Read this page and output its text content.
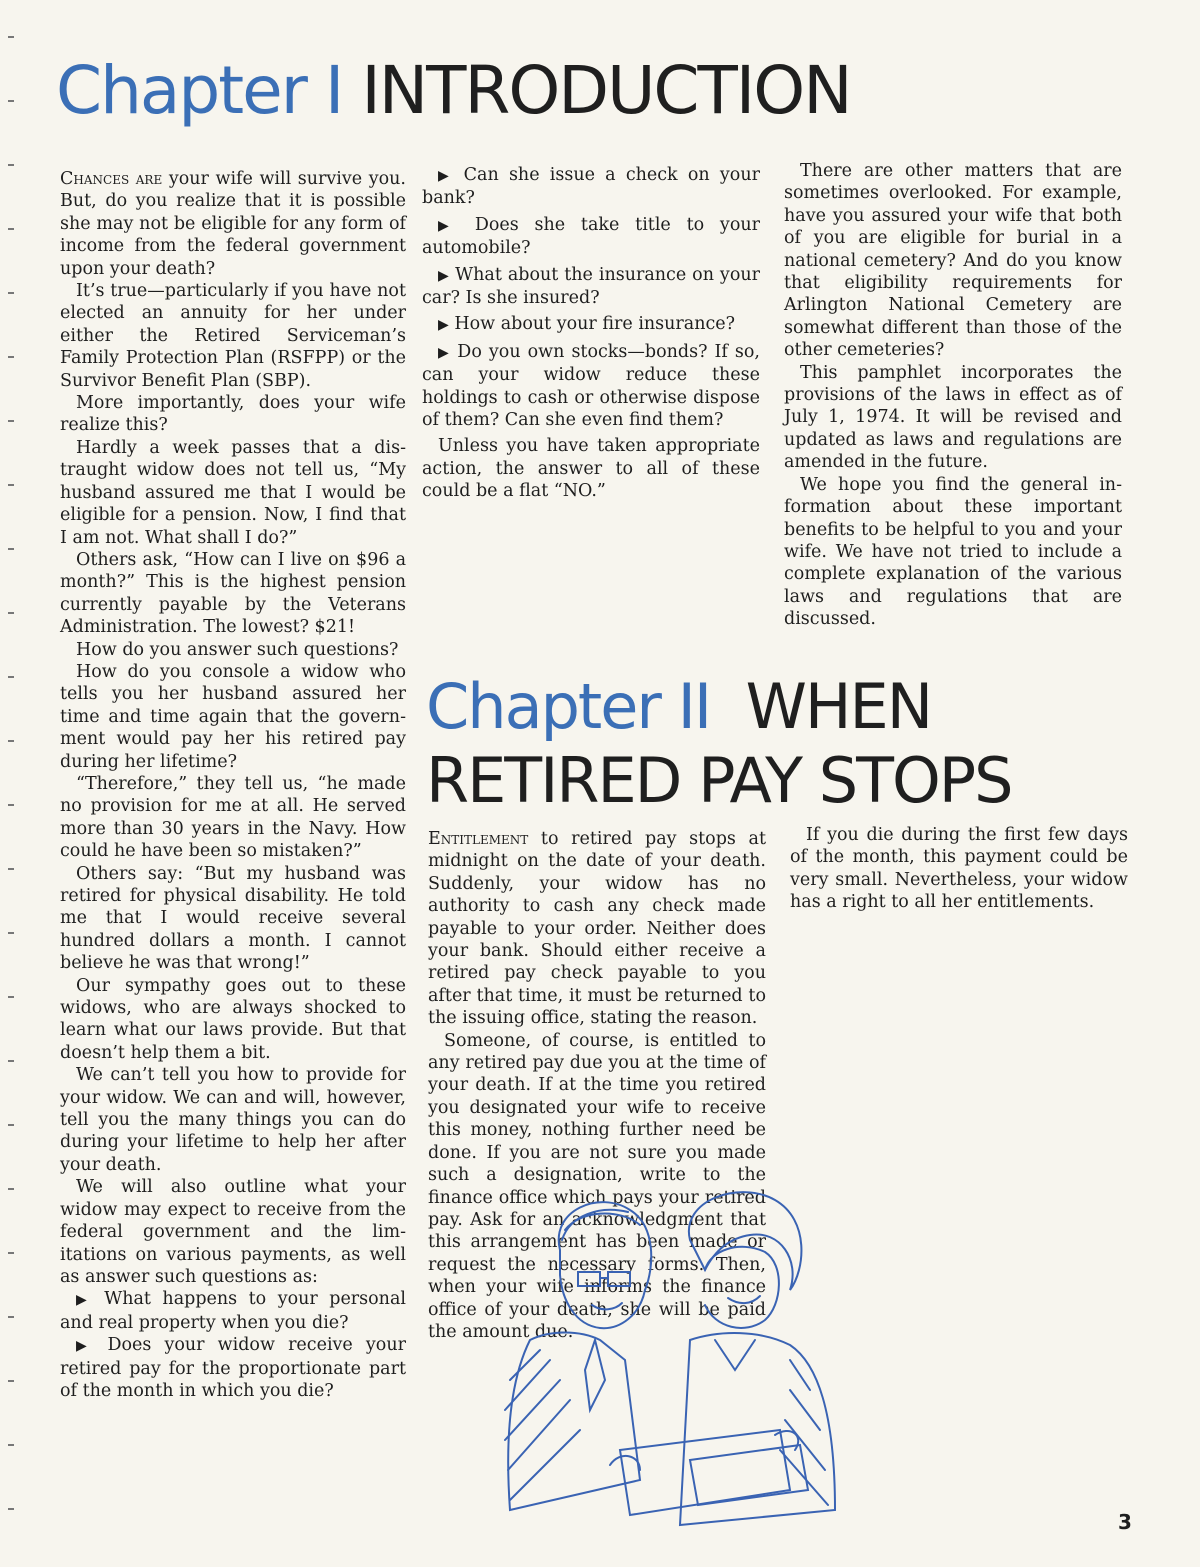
Chapter I INTRODUCTION

Chances are your wife will survive you. But, do you realize that it is possible she may not be eligible for any form of income from the federal government upon your death?

It’s true—particularly if you have not elected an annuity for her under either the Retired Serviceman’s Family Protection Plan (RSFPP) or the Survivor Benefit Plan (SBP).

More importantly, does your wife realize this?

Hardly a week passes that a distraught widow does not tell us, “My husband assured me that I would be eligible for a pension. Now, I find that I am not. What shall I do?”

Others ask, “How can I live on $96 a month?” This is the highest pension currently payable by the Veterans Administration. The lowest? $21!

How do you answer such questions?

How do you console a widow who tells you her husband assured her time and time again that the government would pay her his retired pay during her lifetime?

“Therefore,” they tell us, “he made no provision for me at all. He served more than 30 years in the Navy. How could he have been so mistaken?”

Others say: “But my husband was retired for physical disability. He told me that I would receive several hundred dollars a month. I cannot believe he was that wrong!”

Our sympathy goes out to these widows, who are always shocked to learn what our laws provide. But that doesn’t help them a bit.

We can’t tell you how to provide for your widow. We can and will, however, tell you the many things you can do during your lifetime to help her after your death.

We will also outline what your widow may expect to receive from the federal government and the limitations on various payments, as well as answer such questions as:

▶ What happens to your personal and real property when you die?

▶ Does your widow receive your retired pay for the proportionate part of the month in which you die?

▶ Can she issue a check on your bank?

▶ Does she take title to your automobile?

▶ What about the insurance on your car? Is she insured?

▶ How about your fire insurance?

▶ Do you own stocks—bonds? If so, can your widow reduce these holdings to cash or otherwise dispose of them? Can she even find them?

Unless you have taken appropriate action, the answer to all of these could be a flat “NO.”

There are other matters that are sometimes overlooked. For example, have you assured your wife that both of you are eligible for burial in a national cemetery? And do you know that eligibility requirements for Arlington National Cemetery are somewhat different than those of the other cemeteries?

This pamphlet incorporates the provisions of the laws in effect as of July 1, 1974. It will be revised and updated as laws and regulations are amended in the future.

We hope you find the general information about these important benefits to be helpful to you and your wife. We have not tried to include a complete explanation of the various laws and regulations that are discussed.

Chapter II WHEN
RETIRED PAY STOPS

Entitlement to retired pay stops at midnight on the date of your death. Suddenly, your widow has no authority to cash any check made payable to your order. Neither does your bank. Should either receive a retired pay check payable to you after that time, it must be returned to the issuing office, stating the reason.

Someone, of course, is entitled to any retired pay due you at the time of your death. If at the time you retired you designated your wife to receive this money, nothing further need be done. If you are not sure you made such a designation, write to the finance office which pays your retired pay. Ask for an acknowledgment that this arrangement has been made or request the necessary forms. Then, when your wife informs the finance office of your death, she will be paid the amount due.

If you die during the first few days of the month, this payment could be very small. Nevertheless, your widow has a right to all her entitlements.

3
